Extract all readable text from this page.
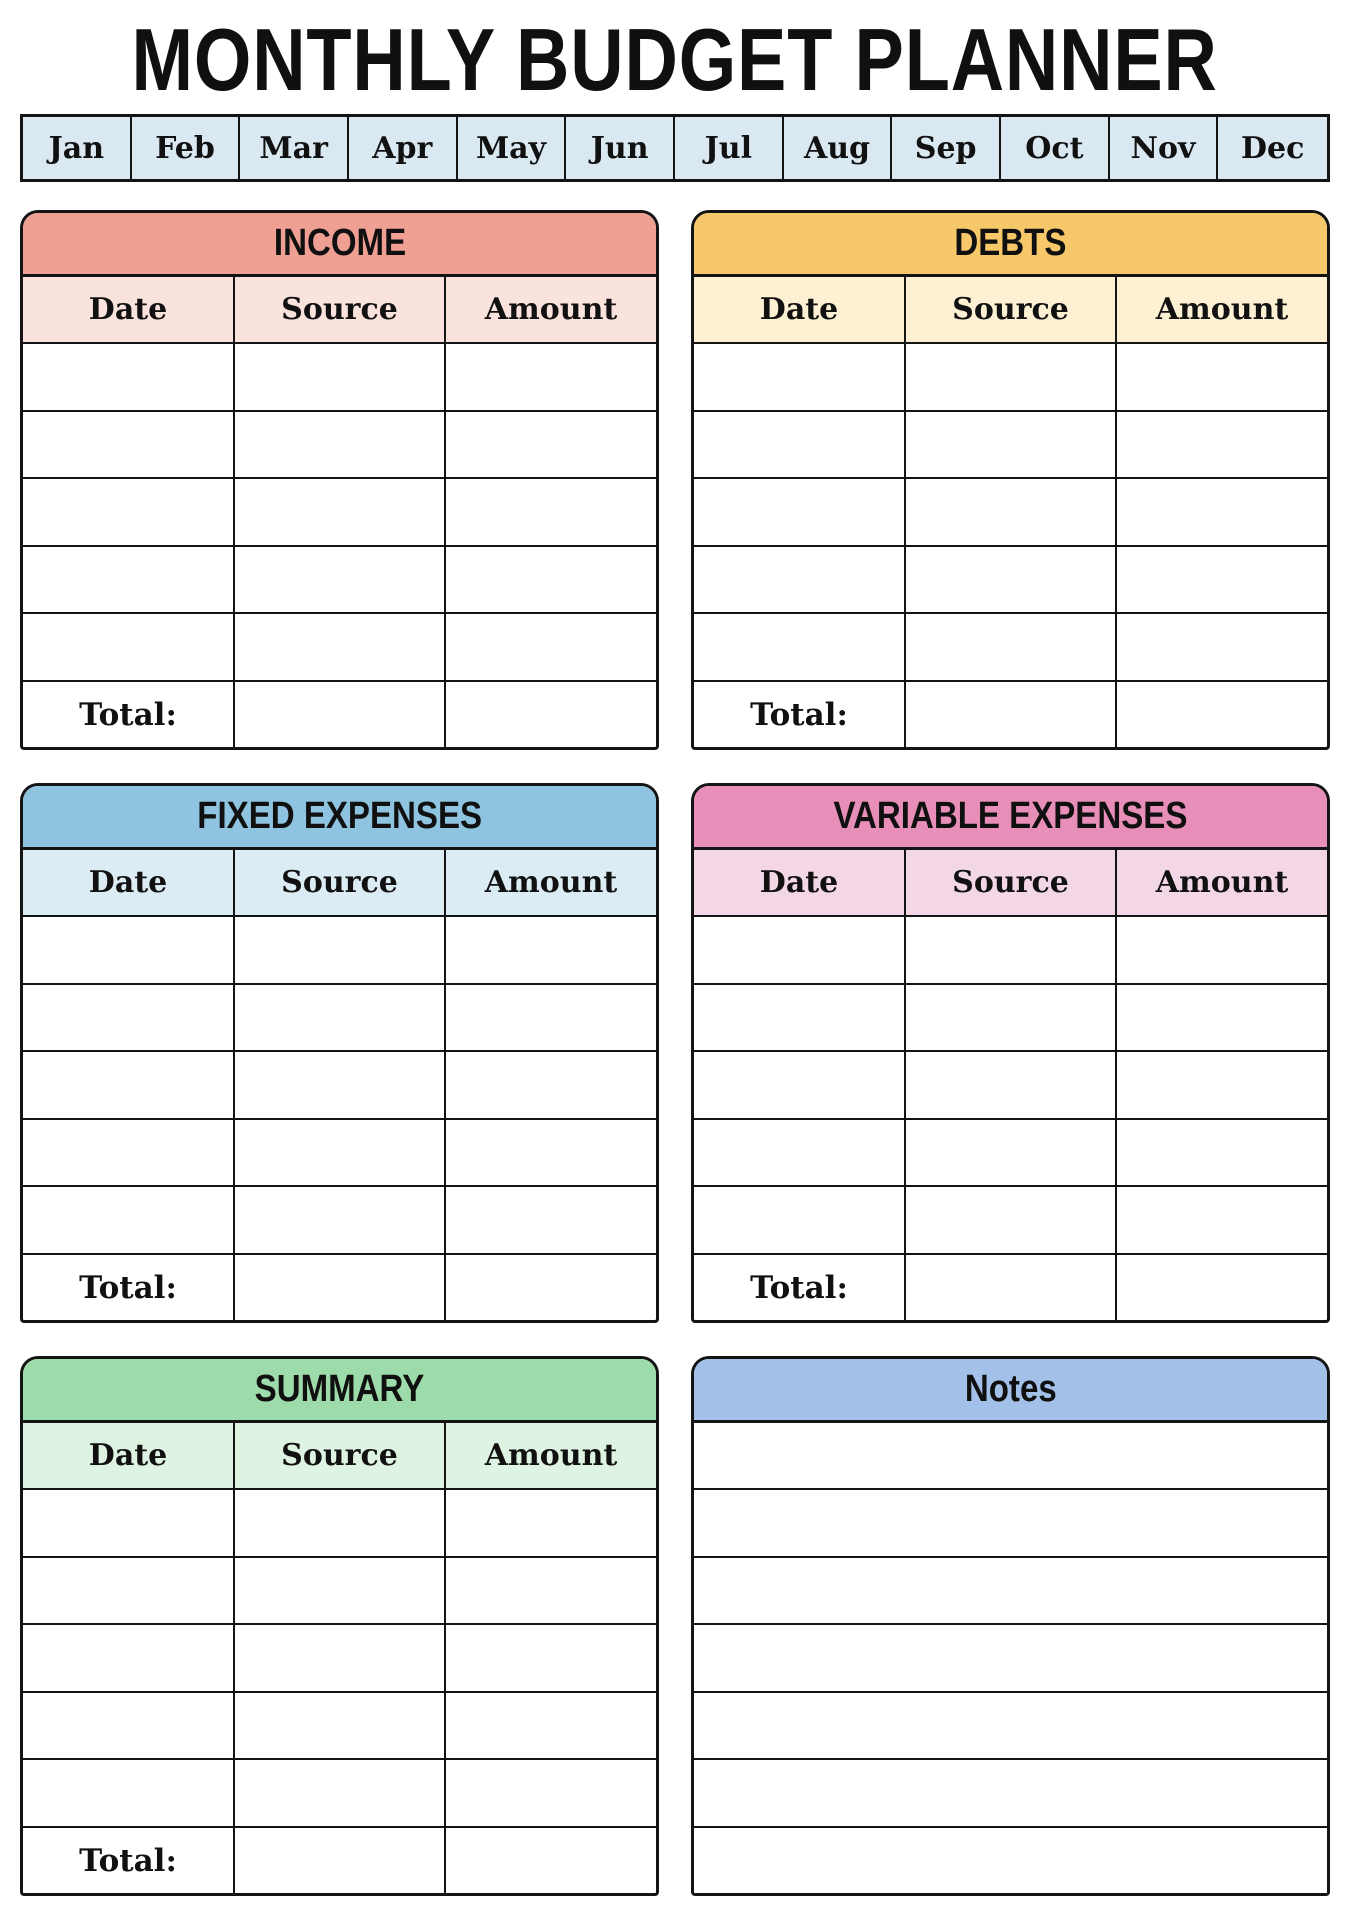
MONTHLY BUDGET PLANNER
Jan	Feb	Mar	Apr	May	Jun	Jul	Aug	Sep	Oct	Nov	Dec
INCOME
Date	Source	Amount

Total:		
DEBTS
Date	Source	Amount

Total:		
FIXED EXPENSES
Date	Source	Amount

Total:		
VARIABLE EXPENSES
Date	Source	Amount

Total:		
SUMMARY
Date	Source	Amount

Total:		
Notes
